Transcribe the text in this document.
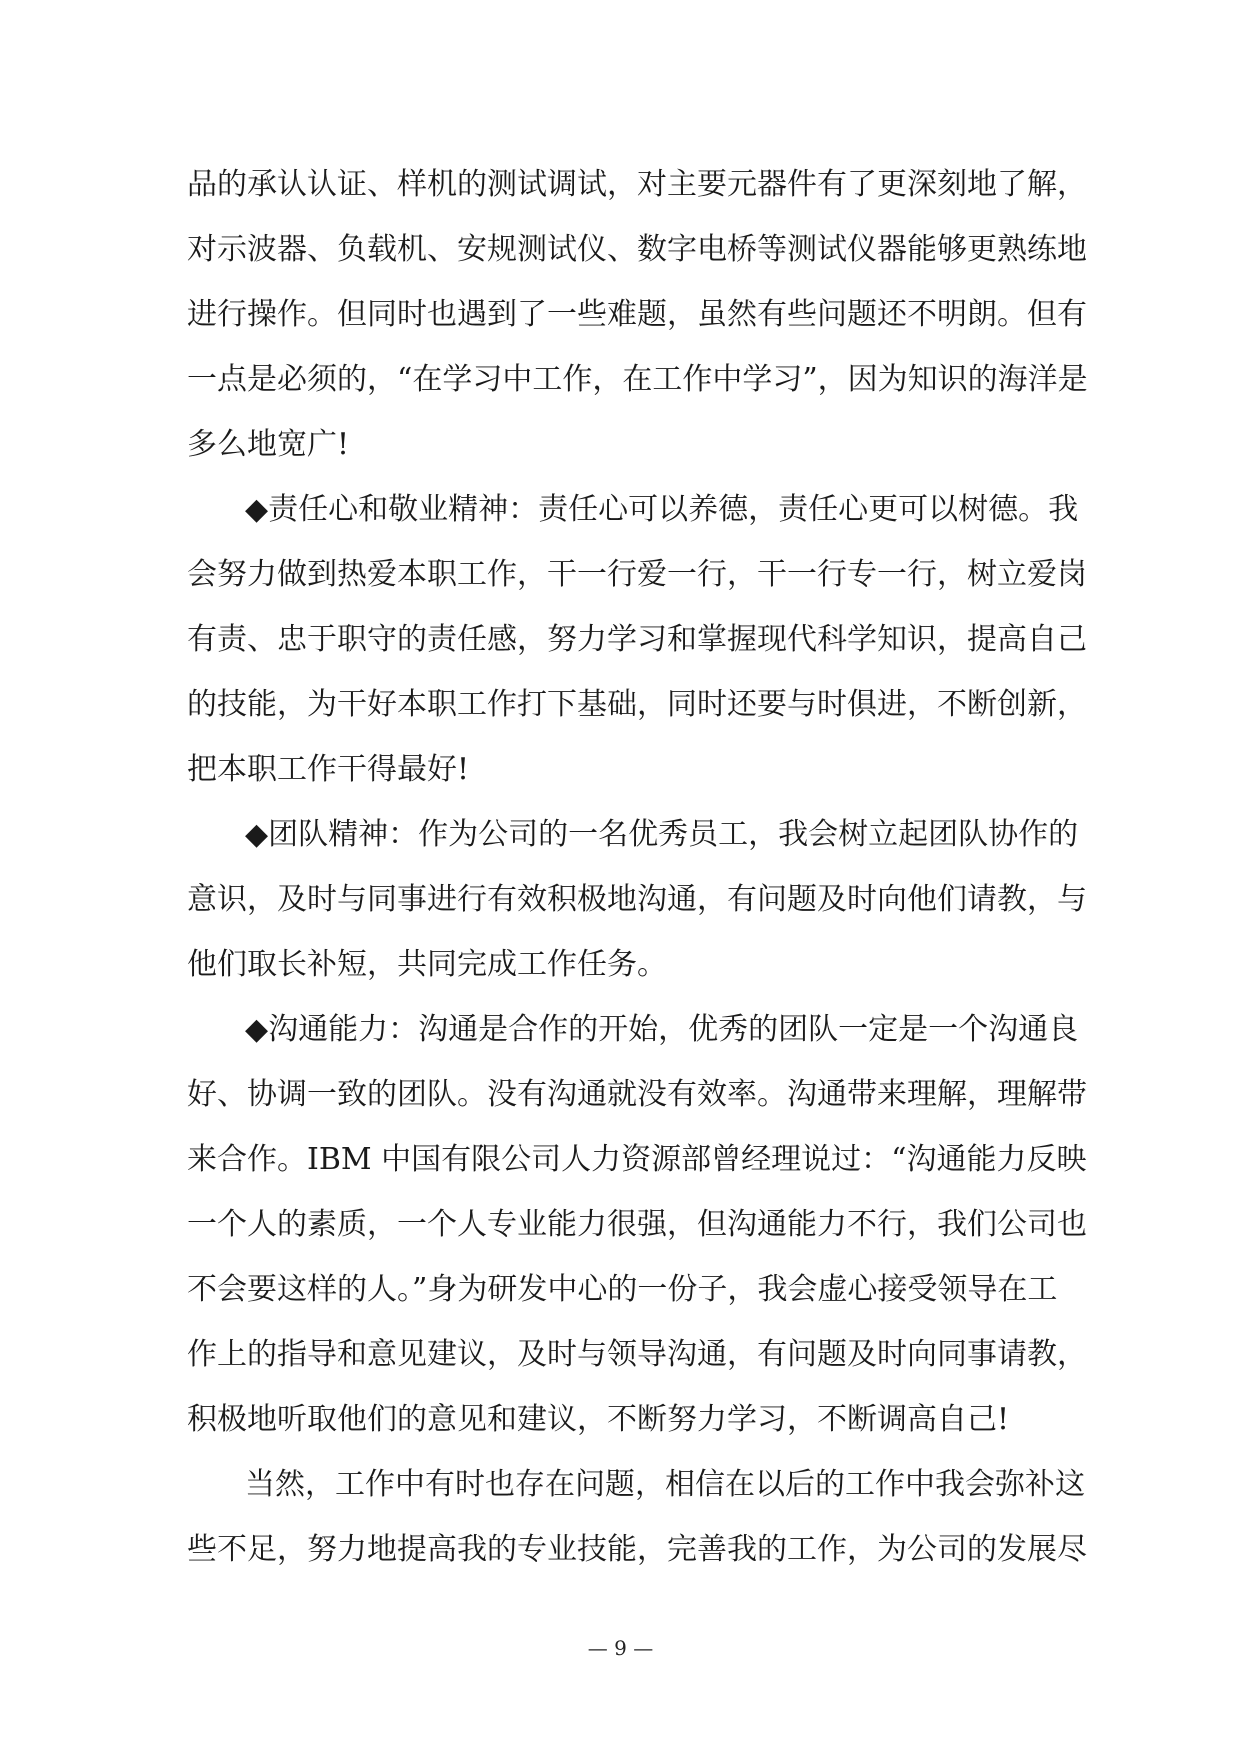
品的承认认证、样机的测试调试，对主要元器件有了更深刻地了解，
对示波器、负载机、安规测试仪、数字电桥等测试仪器能够更熟练地
进行操作。但同时也遇到了一些难题，虽然有些问题还不明朗。但有
一点是必须的，“在学习中工作，在工作中学习”，因为知识的海洋是
多么地宽广!
◆责任心和敬业精神：责任心可以养德，责任心更可以树德。我
会努力做到热爱本职工作，干一行爱一行，干一行专一行，树立爱岗
有责、忠于职守的责任感，努力学习和掌握现代科学知识，提高自己
的技能，为干好本职工作打下基础，同时还要与时俱进，不断创新，
把本职工作干得最好!
◆团队精神：作为公司的一名优秀员工，我会树立起团队协作的
意识，及时与同事进行有效积极地沟通，有问题及时向他们请教，与
他们取长补短，共同完成工作任务。
◆沟通能力：沟通是合作的开始，优秀的团队一定是一个沟通良
好、协调一致的团队。没有沟通就没有效率。沟通带来理解，理解带
来合作。IBM 中国有限公司人力资源部曾经理说过：“沟通能力反映
一个人的素质，一个人专业能力很强，但沟通能力不行，我们公司也
不会要这样的人。”身为研发中心的一份子，我会虚心接受领导在工
作上的指导和意见建议，及时与领导沟通，有问题及时向同事请教，
积极地听取他们的意见和建议，不断努力学习，不断调高自己!
当然，工作中有时也存在问题，相信在以后的工作中我会弥补这
些不足，努力地提高我的专业技能，完善我的工作，为公司的发展尽
— 9 —
